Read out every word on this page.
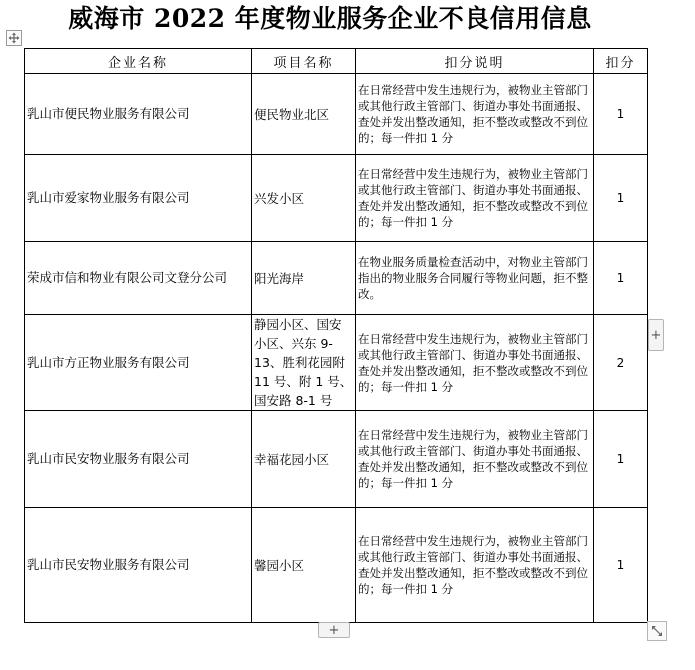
威海市 2022 年度物业服务企业不良信用信息
企业名称	项目名称	扣分说明	扣分
乳山市便民物业服务有限公司	便民物业北区	在日常经营中发生违规行为，被物业主管部门或其他行政主管部门、街道办事处书面通报、查处并发出整改通知，拒不整改或整改不到位的；每一件扣 1 分	1
乳山市爱家物业服务有限公司	兴发小区	在日常经营中发生违规行为，被物业主管部门或其他行政主管部门、街道办事处书面通报、查处并发出整改通知，拒不整改或整改不到位的；每一件扣 1 分	1
荣成市信和物业有限公司文登分公司	阳光海岸	在物业服务质量检查活动中，对物业主管部门指出的物业服务合同履行等物业问题，拒不整改。	1
乳山市方正物业服务有限公司	静园小区、国安小区、兴东 9-13、胜利花园附 11 号、附 1 号、国安路 8-1 号	在日常经营中发生违规行为，被物业主管部门或其他行政主管部门、街道办事处书面通报、查处并发出整改通知，拒不整改或整改不到位的；每一件扣 1 分	2
乳山市民安物业服务有限公司	幸福花园小区	在日常经营中发生违规行为，被物业主管部门或其他行政主管部门、街道办事处书面通报、查处并发出整改通知，拒不整改或整改不到位的；每一件扣 1 分	1
乳山市民安物业服务有限公司	馨园小区	在日常经营中发生违规行为，被物业主管部门或其他行政主管部门、街道办事处书面通报、查处并发出整改通知，拒不整改或整改不到位的；每一件扣 1 分	1
+
+
